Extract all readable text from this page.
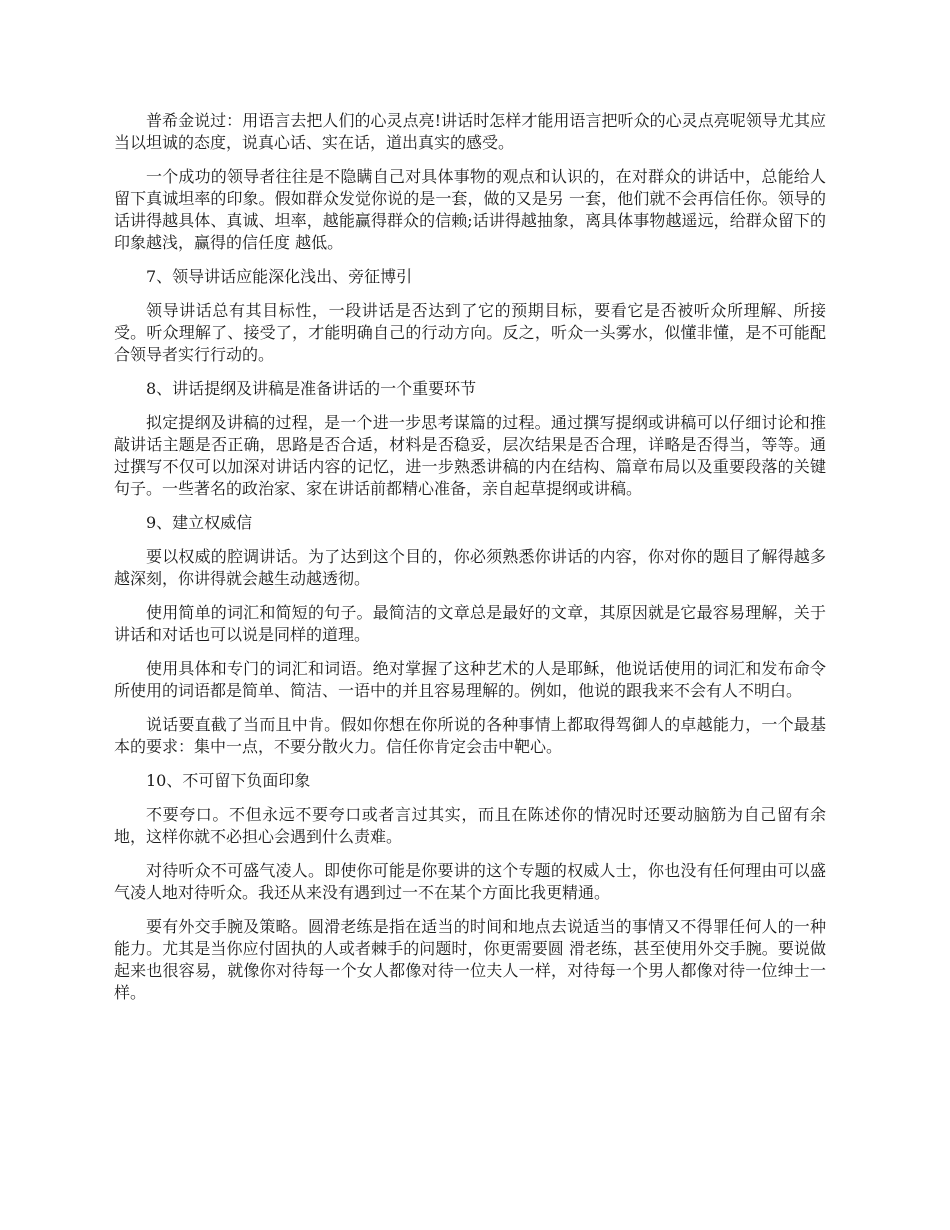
普希金说过：用语言去把人们的心灵点亮!讲话时怎样才能用语言把听众的心灵点亮呢领导尤其应当以坦诚的态度，说真心话、实在话，道出真实的感受。

一个成功的领导者往往是不隐瞒自己对具体事物的观点和认识的，在对群众的讲话中，总能给人留下真诚坦率的印象。假如群众发觉你说的是一套，做的又是另 一套，他们就不会再信任你。领导的话讲得越具体、真诚、坦率，越能赢得群众的信赖;话讲得越抽象，离具体事物越遥远，给群众留下的印象越浅，赢得的信任度 越低。

7、领导讲话应能深化浅出、旁征博引

领导讲话总有其目标性，一段讲话是否达到了它的预期目标，要看它是否被听众所理解、所接受。听众理解了、接受了，才能明确自己的行动方向。反之，听众一头雾水，似懂非懂，是不可能配合领导者实行行动的。

8、讲话提纲及讲稿是准备讲话的一个重要环节

拟定提纲及讲稿的过程，是一个进一步思考谋篇的过程。通过撰写提纲或讲稿可以仔细讨论和推敲讲话主题是否正确，思路是否合适，材料是否稳妥，层次结果是否合理，详略是否得当，等等。通过撰写不仅可以加深对讲话内容的记忆，进一步熟悉讲稿的内在结构、篇章布局以及重要段落的关键句子。一些著名的政治家、家在讲话前都精心准备，亲自起草提纲或讲稿。

9、建立权威信

要以权威的腔调讲话。为了达到这个目的，你必须熟悉你讲话的内容，你对你的题目了解得越多越深刻，你讲得就会越生动越透彻。

使用简单的词汇和简短的句子。最简洁的文章总是最好的文章，其原因就是它最容易理解，关于讲话和对话也可以说是同样的道理。

使用具体和专门的词汇和词语。绝对掌握了这种艺术的人是耶稣，他说话使用的词汇和发布命令所使用的词语都是简单、简洁、一语中的并且容易理解的。例如，他说的跟我来不会有人不明白。

说话要直截了当而且中肯。假如你想在你所说的各种事情上都取得驾御人的卓越能力，一个最基本的要求：集中一点，不要分散火力。信任你肯定会击中靶心。

10、不可留下负面印象

不要夸口。不但永远不要夸口或者言过其实，而且在陈述你的情况时还要动脑筋为自己留有余地，这样你就不必担心会遇到什么责难。

对待听众不可盛气凌人。即使你可能是你要讲的这个专题的权威人士，你也没有任何理由可以盛气凌人地对待听众。我还从来没有遇到过一不在某个方面比我更精通。

要有外交手腕及策略。圆滑老练是指在适当的时间和地点去说适当的事情又不得罪任何人的一种能力。尤其是当你应付固执的人或者棘手的问题时，你更需要圆 滑老练，甚至使用外交手腕。要说做起来也很容易，就像你对待每一个女人都像对待一位夫人一样，对待每一个男人都像对待一位绅士一样。
